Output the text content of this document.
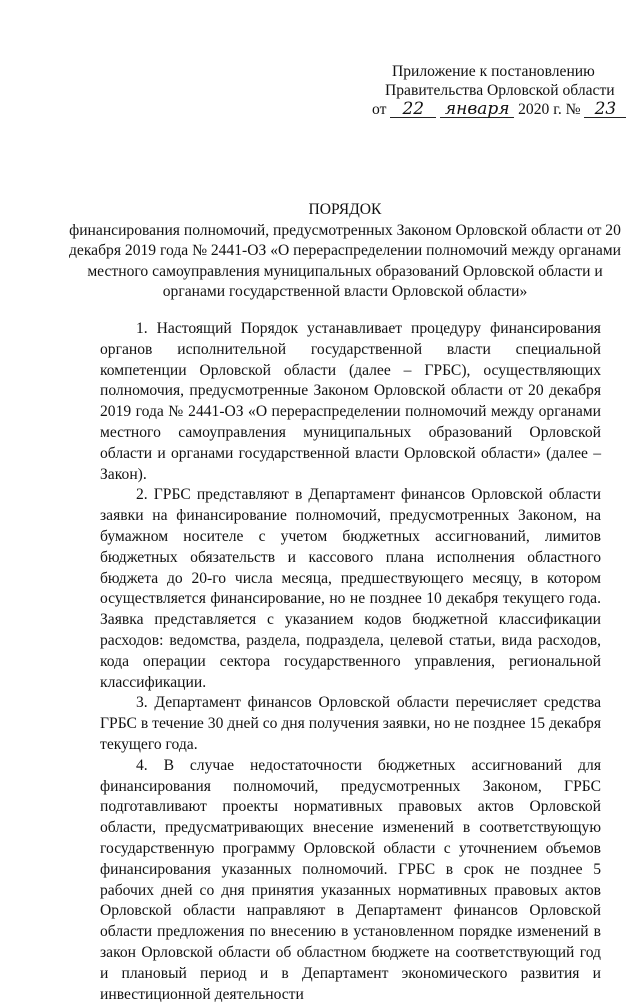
Приложение к постановлению
Правительства Орловской области
от 22 января 2020 г. № 23
ПОРЯДОК
финансирования полномочий, предусмотренных Законом Орловской области от 20 декабря 2019 года № 2441-ОЗ «О перераспределении полномочий между органами местного самоуправления муниципальных образований Орловской области и органами государственной власти Орловской области»

1. Настоящий Порядок устанавливает процедуру финансирования органов исполнительной государственной власти специальной компетенции Орловской области (далее – ГРБС), осуществляющих полномочия, предусмотренные Законом Орловской области от 20 декабря 2019 года № 2441-ОЗ «О перераспределении полномочий между органами местного самоуправления муниципальных образований Орловской области и органами государственной власти Орловской области» (далее – Закон).

2. ГРБС представляют в Департамент финансов Орловской области заявки на финансирование полномочий, предусмотренных Законом, на бумажном носителе с учетом бюджетных ассигнований, лимитов бюджетных обязательств и кассового плана исполнения областного бюджета до 20-го числа месяца, предшествующего месяцу, в котором осуществляется финансирование, но не позднее 10 декабря текущего года. Заявка представляется с указанием кодов бюджетной классификации расходов: ведомства, раздела, подраздела, целевой статьи, вида расходов, кода операции сектора государственного управления, региональной классификации.

3. Департамент финансов Орловской области перечисляет средства ГРБС в течение 30 дней со дня получения заявки, но не позднее 15 декабря текущего года.

4. В случае недостаточности бюджетных ассигнований для финансирования полномочий, предусмотренных Законом, ГРБС подготавливают проекты нормативных правовых актов Орловской области, предусматривающих внесение изменений в соответствующую государственную программу Орловской области с уточнением объемов финансирования указанных полномочий. ГРБС в срок не позднее 5 рабочих дней со дня принятия указанных нормативных правовых актов Орловской области направляют в Департамент финансов Орловской области предложения по внесению в установленном порядке изменений в закон Орловской области об областном бюджете на соответствующий год и плановый период и в Департамент экономического развития и инвестиционной деятельности
